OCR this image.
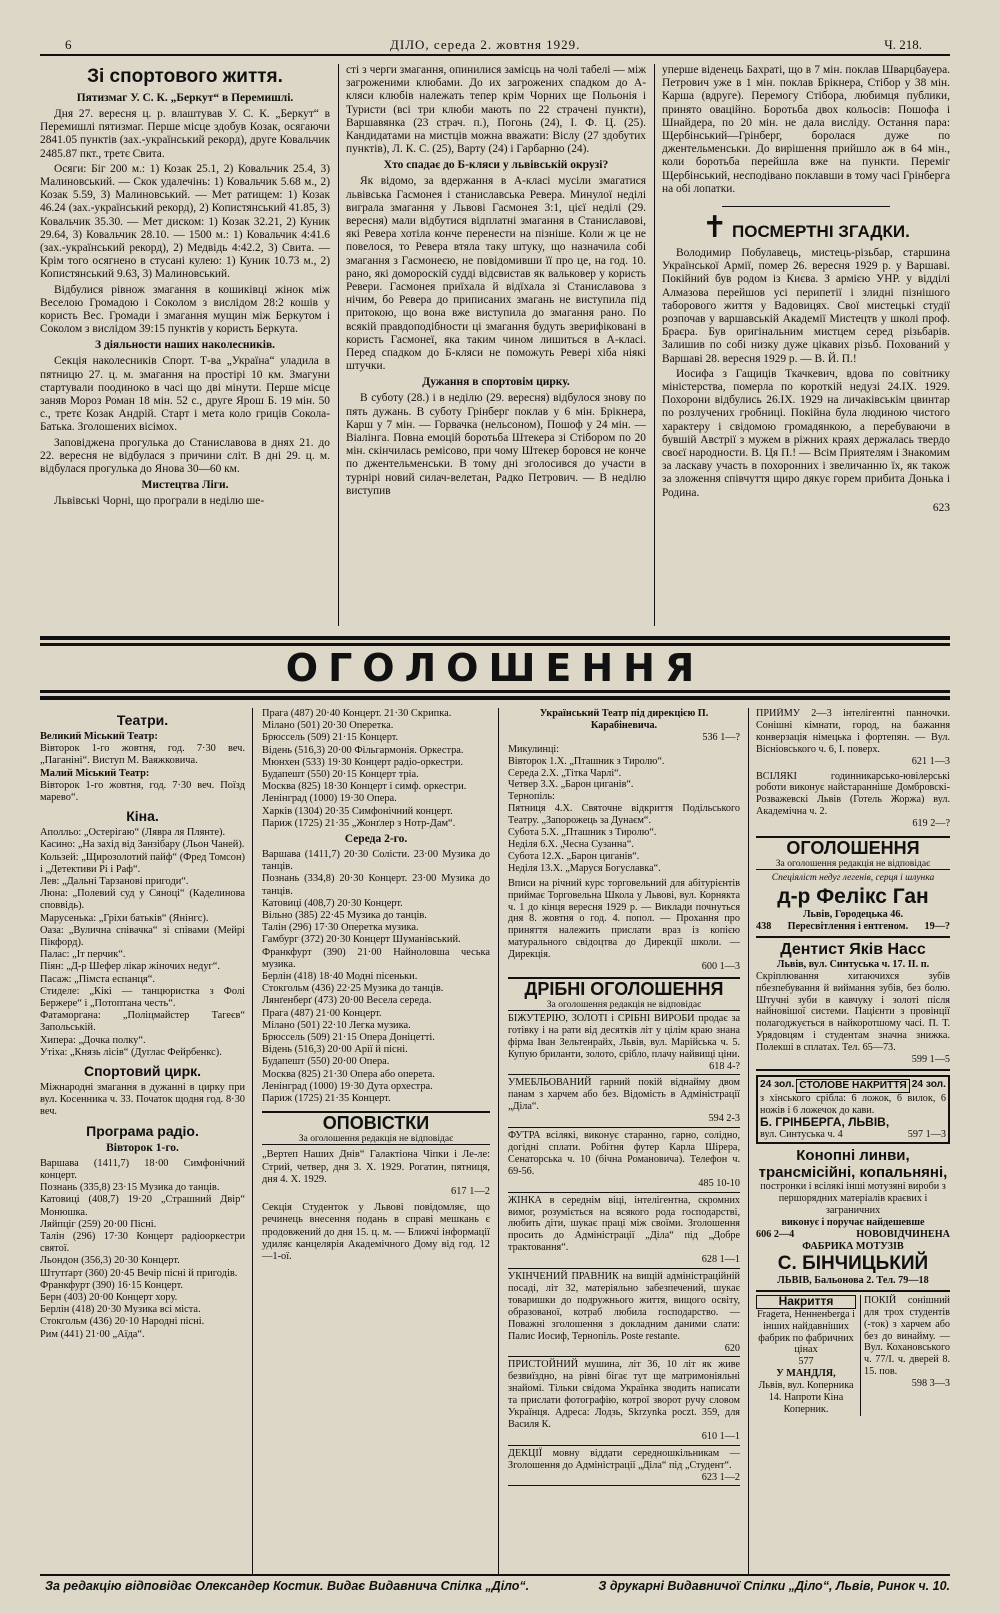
6	ДІЛО, середа 2. жовтня 1929.	Ч. 218.
Зі спортового життя.
Пятизмаг У. С. К. „Беркут“ в Перемишлі.

Дня 27. вересня ц. р. влаштував У. С. К. „Беркут“ в Перемишлі пятизмаг. Перше місце здобув Козак, осягаючи 2841.05 пунктів (зах.-український рекорд), друге Ковальчик 2485.87 пкт., третє Свита.

Осяги: Біг 200 м.: 1) Козак 25.1, 2) Ковальчик 25.4, 3) Малиновський. — Скок удалечінь: 1) Ковальчик 5.68 м., 2) Козак 5.59, 3) Малиновський. — Мет ратищем: 1) Козак 46.24 (зах.-український рекорд), 2) Копистянський 41.85, 3) Ковальчик 35.30. — Мет диском: 1) Козак 32.21, 2) Куник 29.64, 3) Ковальчик 28.10. — 1500 м.: 1) Ковальчик 4:41.6 (зах.-український рекорд), 2) Медвідь 4:42.2, 3) Свита. — Крім того осягнено в стусані кулею: 1) Куник 10.73 м., 2) Копистянський 9.63, 3) Малиновський.

Відбулися рівнож змагання в кошиківці жінок між Веселою Громадою і Соколом з вислідом 28:2 кошів у користь Вес. Громади і змагання мущин між Беркутом і Соколом з вислідом 39:15 пунктів у користь Беркута.

З діяльности наших наколесників.

Секція наколесників Спорт. Т-ва „Україна“ уладила в пятницю 27. ц. м. змагання на простірі 10 км. Змагуни стартували поодиноко в часі що дві мінути. Перше місце заняв Мороз Роман 18 мін. 52 с., друге Ярош Б. 19 мін. 50 с., третє Козак Андрій. Старт і мета коло гриців Сокола-Батька. Зголошених вісімох.

Заповіджена прогулька до Станиславова в днях 21. до 22. вересня не відбулася з причини сліт. В дні 29. ц. м. відбулася прогулька до Янова 30—60 км.

Мистецтва Ліги.

Львівські Чорні, що програли в неділю ше-

сті з черги змагання, опинилися замісць на чолі табелі — між загроженими клюбами. До их загрожених спадком до А-кляси клюбів належать тепер крім Чорних ще Польонія і Туристи (всі три клюби мають по 22 стрaчені пункти), Варшавянка (23 страч. п.), Погонь (24), І. Ф. Ц. (25). Кандидатами на мистців можна вважати: Віслу (27 здобутих пунктів), Л. К. С. (25), Варту (24) і Гарбарню (24).

Хто спадає до Б-кляси у львівській окрузі?

Як відомо, за вдержання в А-класі мусіли змагатися львівська Гасмонея і станиславська Ревера. Минулої неділі виграла змагання у Львові Гасмонея 3:1, цієї неділі (29. вересня) мали відбутися відплатні змагання в Станиславові, які Ревера хотіла конче перенести на пізніше. Коли ж це не повелося, то Ревера втяла таку штуку, що назначила собі змагання з Гасмонеєю, не повідомивши її про це, на год. 10. рано, які домороскій судді відсвистав як вальковер у користь Ревери. Гасмонея приїхала й відїхала зі Станиславова з нічим, бо Ревера до приписаних змагань не виступила під притокою, що вона вже виступила до змагання рано. По всякій правдоподібности ці змагання будуть зверифіковані в користь Гасмонеї, яка таким чином лишиться в А-класі. Перед спадком до Б-кляси не поможуть Ревері хіба ніякі штучки.

Дужання в спортовім цирку.

В суботу (28.) і в неділю (29. вересня) відбулося знову по пять дужань. В суботу Грінберг поклав у 6 мін. Брікнера, Карш у 7 мін. — Горвачка (нельсоном), Пошоф у 24 мін. — Віалінга. Повна емоцій боротьба Штекера зі Стібором по 20 мін. скінчилась ремісово, при чому Штекер боровся не конче по джентельменськи. В тому дні зголосився до участи в турнірі новий силач-велетан, Радко Петрович. — В неділю виступив

упершe віденець Бахраті, що в 7 мін. поклав Шварцбауера. Петрович уже в 1 мін. поклав Брікнера, Стібор у 38 мін. Карша (вдруге). Перемогу Стібора, любимця публики, принято оваційно. Боротьба двох кольосів: Пошофа і Шнайдера, по 20 мін. не дала вислідy. Остання пара: Щербінський—Грінберг, боролася дуже по джентельменськи. До вирішення прийшло аж в 64 мін., коли боротьба перейшла вже на пункти. Переміг Щербінський, несподівано поклавши в тому часі Грінберга на обі лопатки.

✝ ПОСМЕРТНІ ЗГАДКИ.

Володимир Побулавець, мистець-різьбар, старшина Української Армії, помер 26. вересня 1929 р. у Варшаві. Покійний був родом із Києва. З армією УНР. у відділі Алмазова перейшов усі перипетії і злидні пізнішого таборового життя у Вадовицях. Свої мистецькі студії розпочав у варшавській Академії Мистецтв у школі проф. Браєра. Був оригінальним мистцем серед різьбарів. Залишив по собі низку дуже цікавих різьб. Похований у Варшаві 28. вересня 1929 р. — В. Й. П.!

Иосифа з Гащиців Ткачкевич, вдова по совітнику міністерства, померла по короткій недузі 24.IX. 1929. Похорони відбулись 26.IX. 1929 на личаківськім цвинтар по розлучених гробниці. Покійна була людиною чистого характеру і свідомою громадянкою, а перебуваючи в бувшій Австрії з мужем в ріжних краях держалась твердо своєї народности. В. Ця П.! — Всім Приятелям і Знакомим за ласкаву участь в похоронних і звеличанню їх, як також за зложення співчуття щиро дякує горем прибита Донька і Родина.

623
ОГОЛОШЕННЯ
Театри.

Великий Міський Театр:

Вівторок 1-го жовтня, год. 7·30 веч. „Паганіні“. Виступ М. Ваяжковича.

Малий Міський Театр:

Вівторок 1-го жовтня, год. 7·30 веч. Поїзд марево“.

Кіна.

Аполльо: „Остерігаю“ (Лявра ля Плянте).

Касино: „На захід від Занзібару (Льон Чаней).

Кользей: „Щирозолотий пайф“ (Фред Томсон) і „Детективи Рі і Раф“.

Лев: „Дальні Тарзанові пригоди“.

Люна: „Полевий суд у Сяноці“ (Каделинова споввідь).

Марусенька: „Гріхи батьків“ (Янінгс).

Оаза: „Вулична співачка“ зі співами (Мейрі Пікфорд).

Палас: „Іт перчик“.

Піян: „Д-р Шефер лікар жіночих недуг“.

Пасаж: „Пімста еспанця“.

Стиделе: „Кікі — танцюристка з Фолі Бержере“ і „Потоптана честь“.

Фатаморгана: „Поліцмайстер Тагеєв“ Запольській.

Хипера: „Дочка полку“.

Утіха: „Князь лісів“ (Дуглас Фейрбенкс).

Спортовий цирк.

Міжнародні змагання в дужанні в цирку при вул. Косенника ч. 33. Початок щодня год. 8·30 веч.

Програма радіо.
Вівторок 1-го.

Варшава (1411,7) 18·00 Симфонічний концерт.

Познань (335,8) 23·15 Музика до танців.

Катовиці (408,7) 19·20 „Страшний Двір“ Монюшка.

Ляйпціг (259) 20·00 Пісні.

Талін (296) 17·30 Концерт радіооркестри святої.

Льондон (356,3) 20·30 Концерт.

Штутґарт (360) 20·45 Вечір пісні й пригодів.

Франкфурт (390) 16·15 Концерт.

Берн (403) 20·00 Концерт хору.

Берлін (418) 20·30 Музика всі міста.

Стокгольм (436) 20·10 Народні пісні.

Рим (441) 21·00 „Аїда“.

Прага (487) 20·40 Концерт. 21·30 Скрипка.

Мілано (501) 20·30 Оперетка.

Брюссель (509) 21·15 Концерт.

Відень (516,3) 20·00 Фільгармонія. Оркестра.

Мюнхен (533) 19·30 Концерт радіо-оркестри.

Будапешт (550) 20·15 Концерт тріа.

Москва (825) 18·30 Концерт і симф. оркестри.

Ленінград (1000) 19·30 Опера.

Харків (1304) 20·35 Симфонічний концерт.

Париж (1725) 21·35 „Жонґлер з Нотр-Дам“.

Середа 2-го.

Варшава (1411,7) 20·30 Солісти. 23·00 Музика до танців.

Познань (334,8) 20·30 Концерт. 23·00 Музика до танців.

Катовиці (408,7) 20·30 Концерт.

Вільно (385) 22·45 Музика до танців.

Талін (296) 17·30 Оперетка музика.

Гамбург (372) 20·30 Концерт Шуманівський.

Франкфурт (390) 21·00 Найноловша чеська музика.

Берлін (418) 18·40 Модні пісеньки.

Стокгольм (436) 22·25 Музика до танців.

Лянґенберґ (473) 20·00 Весела середа.

Прага (487) 21·00 Концерт.

Мілано (501) 22·10 Легка музика.

Брюссель (509) 21·15 Опера Доніцетті.

Відень (516,3) 20·00 Арії й пісні.

Будапешт (550) 20·00 Опера.

Москва (825) 21·30 Опера або оперета.

Ленінград (1000) 19·30 Дута орхестра.

Париж (1725) 21·35 Концерт.

ОПОВІСТКИ
За оголошення редакція не відповідає

„Вертеп Наших Днів“ Галактіона Чіпки і Ле-ле: Стрий, четвер, дня 3. X. 1929. Рогатин, пятниця, дня 4. X. 1929.

617 1—2

Секція Студенток у Львові повідомляє, що речинець внесення подань в справі мешкань є продовжений до дня 15. ц. м. — Ближчі інформації удиляє канцелярія Академічного Дому від год. 12—1-ої.

Український Театр під дирекцією П. Карабіневича.

536 1—?

Микулинці:

Вівторок 1.Х. „Пташник з Тиролю“.

Середа 2.Х. „Тітка Чарлі“.

Четвер 3.Х. „Барон циганів“.

Тернопіль:

Пятниця 4.Х. Святочне відкриття Подільського Театру. „Запорожець за Дунаєм“.

Субота 5.Х. „Пташник з Тиролю“.

Неділя 6.Х. „Чесна Сузанна“.

Субота 12.Х. „Барон циганів“.

Неділя 13.Х. „Маруся Богуславка“.

Вписи на річний курс торговельний для абітурієнтів приймає Торговельна Школа у Львові, вул. Корнякта ч. 1 до кінця вересня 1929 р. — Виклади почнуться дня 8. жовтня о год. 4. попол. — Прохання про приняття належить прислати враз із копією матурального свідоцтва до Дирекції школи. — Дирекція.

600 1—3
ДРІБНІ ОГОЛОШЕННЯ
За оголошення редакція не відповідає

БІЖУТЕРІЮ, ЗОЛОТІ і СРІБНІ ВИРОБИ продає за готівку і на рати від десятків літ у цілім краю знана фірма Іван Зельтенрайх, Львів, вул. Марійська ч. 5. Купую бриланти, золото, срібло, плачу найвищі ціни.

618 4-?

УМЕБЛЬОВАНИЙ гарний покій віднайму двом панам з харчем або без. Відомість в Адміністрації „Діла“.

594 2-3

ФУТРА всілякі, виконує старанно, гарно, солідно, догідні сплати. Робітня футер Карла Шірера, Сенаторська ч. 10 (бічна Романовича). Телефон ч. 69-56.

485 10-10

ЖІНКА в середнім віці, інтелігентна, скромних вимог, розуміється на всякого рода господарстві, любить діти, шукає праці між своїми. Зголошення просить до Адміністрації „Діла“ під „Добре трактовання“.

628 1—1

УКІНЧЕНИЙ ПРАВНИК на вищій адміністраційній посаді, літ 32, матеріяльно забезпечений, шукає товаришки до подружнього життя, вищого освіту, образованої, котраб любила господарство. — Поважні зголошення з докладним даними слати: Палис Иосиф, Тернопіль. Poste restante.

620

ПРИСТОЙНИЙ мушина, літ 36, 10 літ як живе безвиїздно, на рівні бігає тут ще матримоніяльні знайомі. Тільки свідома Українка зводить написати та прислати фотографію, котрої зворот ручу словом Українця. Адреса: Лодзь, Skrzynka poczt. 359, для Василя К.

610 1—1

ДЕКЦІЇ мовну віддати середношкільникам — Зголошення до Адміністрації „Діла“ під „Студент“.

623 1—2

ПРИЙМУ 2—3 інтелігентні панночки. Сонішні кімнати, город, на бажання конверзація німецька і фортепян. — Вул. Вісніовського ч. 6, І. поверх.

621 1—3

ВСІЛЯКІ годинникарсько-ювілерські роботи виконує найстаранніше Домбровскі-Розважевскі Львів (Готель Жоржа) вул. Академічна ч. 2.

619 2—?
ОГОЛОШЕННЯ
За оголошення редакція не відповідає
Спеціяліст недуг легенів, серця і шлунка
д-р Фелікс Ган
Львів, Городецька 46.
438 Пересвітлення і ентгеном. 19—?
Дентист Яків Насс
Львів, вул. Синтуська ч. 17. II. п.

Скріплювання хитаючихся зубів пбезпебування й виймання зубів, без болю. Штучні зуби в кавчуку і золоті після найновішої системи. Пацієнти з провінції полагоджується в найкоротшому часі. П. Т. Урядовцям і студентам значна знижка. Полекші в сплатах. Тел. 65—73.

599 1—5
24 зол. СТОЛОВЕ НАКРИТТЯ 24 зол.

з хінського срібла: 6 ложок, 6 вилок, 6 ножів і 6 ложечок до кави.

Б. ГРІНБЕРГА, ЛЬВІВ,
вул. Синтуська ч. 4	597 1—3
Конопні линви, трансмісійні, копальняні,
постронки і всілякі інші мотузяні вироби з першорядних матеріалів краєвих і заграничних
виконує і поручає найдешевше
606 2—4	НОВОВІДЧИНЕНА
ФАБРИКА МОТУЗІВ
С. БІНЧИЦЬКИЙ
ЛЬВІВ, Бальонова 2. Тел. 79—18
Накриття
Fragета, Heннeнberga і інших найдавніших фабрик по фабричних цінах
577
У МАНДЛЯ,
Львів, вул. Коперника 14. Напроти Кіна Коперник.

ПОКІЙ сонішний для трох студентів (-ток) з харчем або без до винайму. — Вул. Кохановського ч. 77/І. ч. дверей 8. 15. пов.

598 3—3
За редакцію відповідає Олександер Костик. Видає Видавнича Спілка „Діло“.	З друкарні Видавничої Спілки „Діло“, Львів, Ринок ч. 10.
